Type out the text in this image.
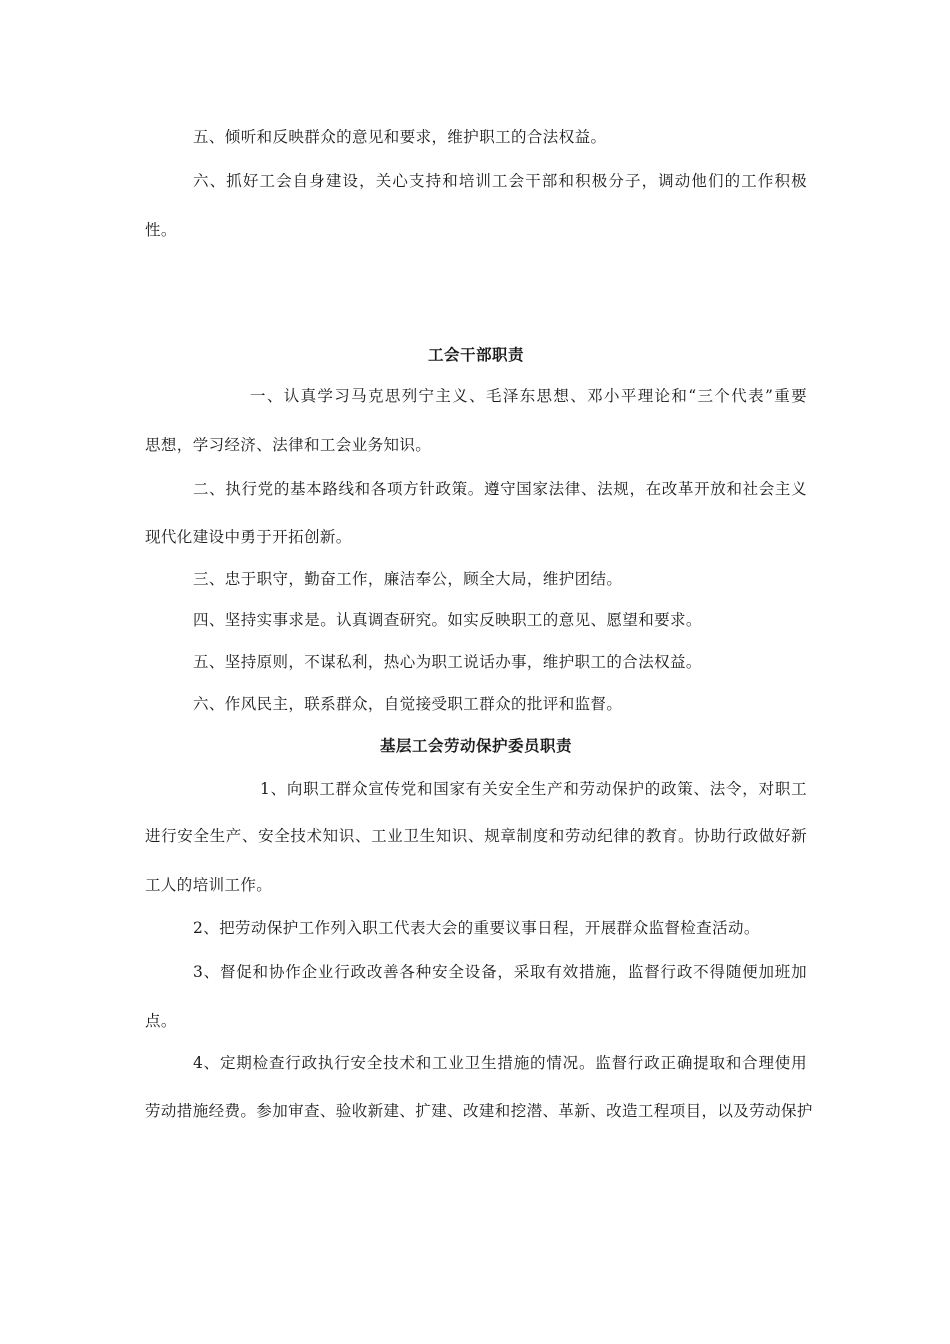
五、倾听和反映群众的意见和要求，维护职工的合法权益。
六、抓好工会自身建设，关心支持和培训工会干部和积极分子，调动他们的工作积极
性。
工会干部职责
一、认真学习马克思列宁主义、毛泽东思想、邓小平理论和“三个代表”重要
思想，学习经济、法律和工会业务知识。
二、执行党的基本路线和各项方针政策。遵守国家法律、法规，在改革开放和社会主义
现代化建设中勇于开拓创新。
三、忠于职守，勤奋工作，廉洁奉公，顾全大局，维护团结。
四、坚持实事求是。认真调查研究。如实反映职工的意见、愿望和要求。
五、坚持原则，不谋私利，热心为职工说话办事，维护职工的合法权益。
六、作风民主，联系群众，自觉接受职工群众的批评和监督。
基层工会劳动保护委员职责
1、向职工群众宣传党和国家有关安全生产和劳动保护的政策、法令，对职工
进行安全生产、安全技术知识、工业卫生知识、规章制度和劳动纪律的教育。协助行政做好新
工人的培训工作。
2、把劳动保护工作列入职工代表大会的重要议事日程，开展群众监督检查活动。
3、督促和协作企业行政改善各种安全设备，采取有效措施，监督行政不得随便加班加
点。
4、定期检查行政执行安全技术和工业卫生措施的情况。监督行政正确提取和合理使用
劳动措施经费。参加审查、验收新建、扩建、改建和挖潜、革新、改造工程项目，以及劳动保护
